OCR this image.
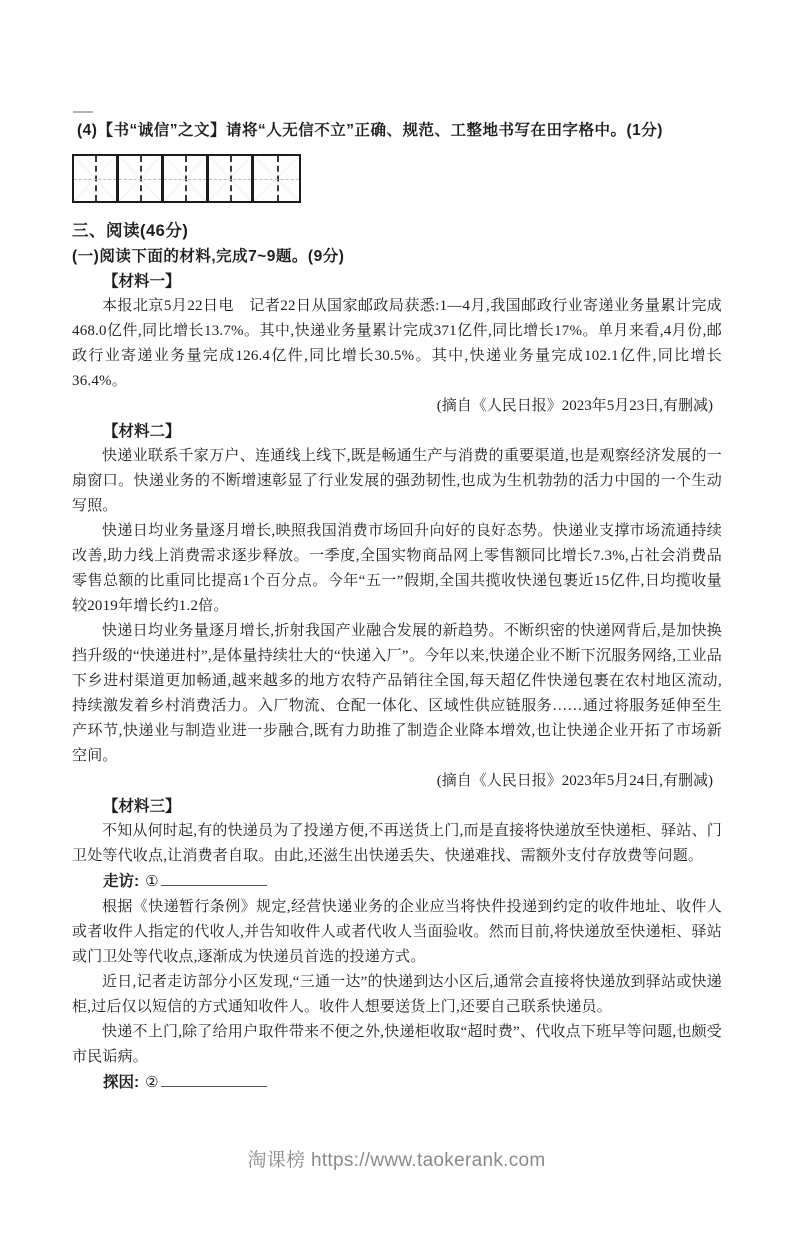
(4)【书“诚信”之文】请将“人无信不立”正确、规范、工整地书写在田字格中。(1分)

三、阅读(46分)
(一)阅读下面的材料,完成7~9题。(9分)

【材料一】

本报北京5月22日电　记者22日从国家邮政局获悉:1—4月,我国邮政行业寄递业务量累计完成468.0亿件,同比增长13.7%。其中,快递业务量累计完成371亿件,同比增长17%。单月来看,4月份,邮政行业寄递业务量完成126.4亿件,同比增长30.5%。其中,快递业务量完成102.1亿件,同比增长36.4%。

(摘自《人民日报》2023年5月23日,有删减)

【材料二】

快递业联系千家万户、连通线上线下,既是畅通生产与消费的重要渠道,也是观察经济发展的一扇窗口。快递业务的不断增速彰显了行业发展的强劲韧性,也成为生机勃勃的活力中国的一个生动写照。

快递日均业务量逐月增长,映照我国消费市场回升向好的良好态势。快递业支撑市场流通持续改善,助力线上消费需求逐步释放。一季度,全国实物商品网上零售额同比增长7.3%,占社会消费品零售总额的比重同比提高1个百分点。今年“五一”假期,全国共揽收快递包裹近15亿件,日均揽收量较2019年增长约1.2倍。

快递日均业务量逐月增长,折射我国产业融合发展的新趋势。不断织密的快递网背后,是加快换挡升级的“快递进村”,是体量持续壮大的“快递入厂”。今年以来,快递企业不断下沉服务网络,工业品下乡进村渠道更加畅通,越来越多的地方农特产品销往全国,每天超亿件快递包裹在农村地区流动,持续激发着乡村消费活力。入厂物流、仓配一体化、区域性供应链服务……通过将服务延伸至生产环节,快递业与制造业进一步融合,既有力助推了制造企业降本增效,也让快递企业开拓了市场新空间。

(摘自《人民日报》2023年5月24日,有删减)

【材料三】

不知从何时起,有的快递员为了投递方便,不再送货上门,而是直接将快递放至快递柜、驿站、门卫处等代收点,让消费者自取。由此,还滋生出快递丢失、快递难找、需额外支付存放费等问题。

走访: ①

根据《快递暂行条例》规定,经营快递业务的企业应当将快件投递到约定的收件地址、收件人或者收件人指定的代收人,并告知收件人或者代收人当面验收。然而目前,将快递放至快递柜、驿站或门卫处等代收点,逐渐成为快递员首选的投递方式。

近日,记者走访部分小区发现,“三通一达”的快递到达小区后,通常会直接将快递放到驿站或快递柜,过后仅以短信的方式通知收件人。收件人想要送货上门,还要自己联系快递员。

快递不上门,除了给用户取件带来不便之外,快递柜收取“超时费”、代收点下班早等问题,也颇受市民诟病。

探因: ②

淘课榜 https://www.taokerank.com
